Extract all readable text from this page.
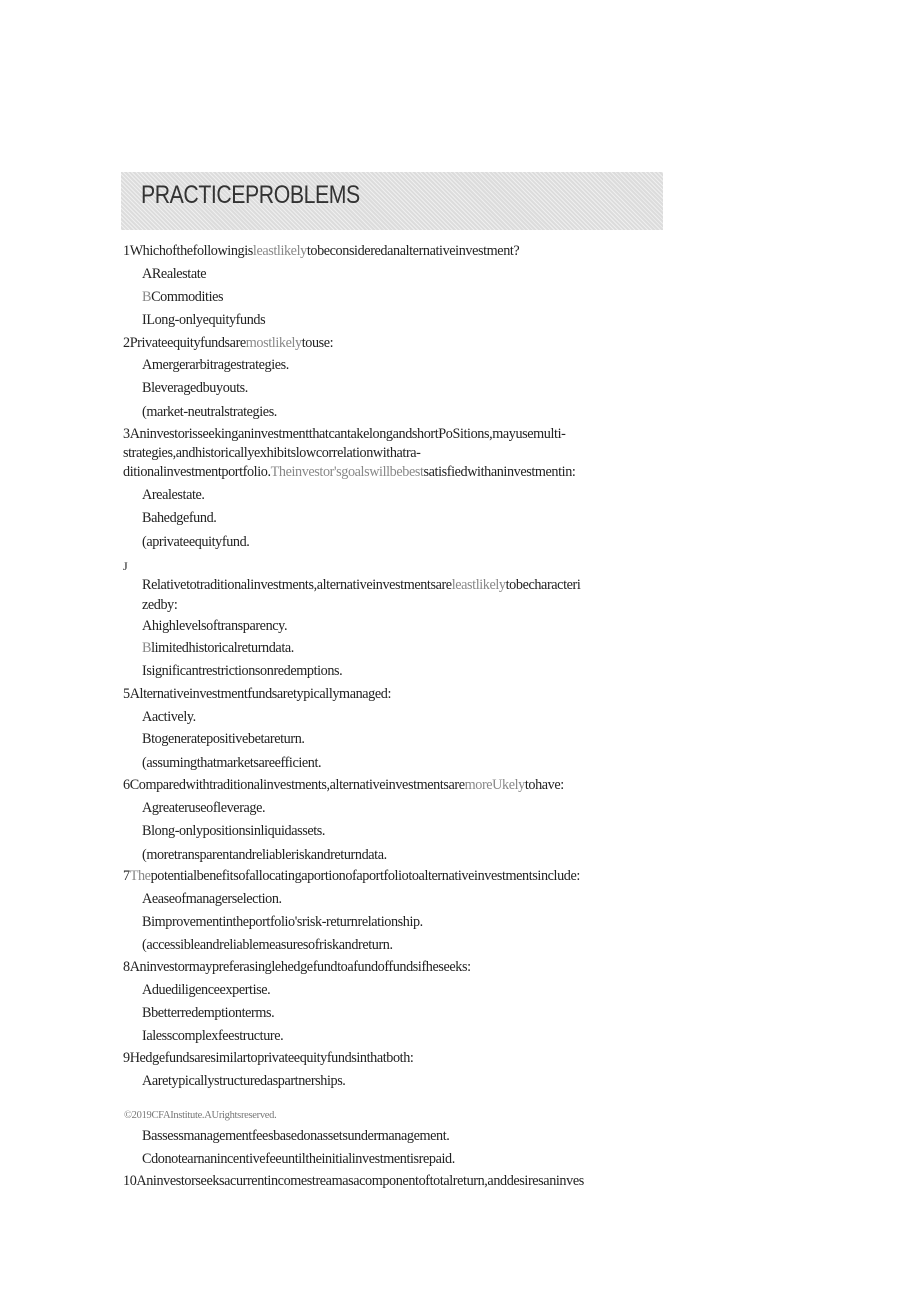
PRACTICEPROBLEMS
1Whichofthefollowingisleastlikelytobeconsideredanalternativeinvestment?
ARealestate
BCommodities
ILong-onlyequityfunds
2Privateequityfundsaremostlikelytouse:
Amergerarbitragestrategies.
Bleveragedbuyouts.
(market-neutralstrategies.
3AninvestorisseekinganinvestmentthatcantakelongandshortPoSitions,mayusemulti-
strategies,andhistoricallyexhibitslowcorrelationwithatra-
ditionalinvestmentportfolio.Theinvestor'sgoalswillbebestsatisfiedwithaninvestmentin:
Arealestate.
Bahedgefund.
(aprivateequityfund.
J
Relativetotraditionalinvestments,alternativeinvestmentsareleastlikelytobecharacteri
zedby:
Ahighlevelsoftransparency.
Blimitedhistoricalreturndata.
Isignificantrestrictionsonredemptions.
5Alternativeinvestmentfundsaretypicallymanaged:
Aactively.
Btogeneratepositivebetareturn.
(assumingthatmarketsareefficient.
6Comparedwithtraditionalinvestments,alternativeinvestmentsaremoreUkelytohave:
Agreateruseofleverage.
Blong-onlypositionsinliquidassets.
(moretransparentandreliableriskandreturndata.
7Thepotentialbenefitsofallocatingaportionofaportfoliotoalternativeinvestmentsinclude:
Aeaseofmanagerselection.
Bimprovementintheportfolio'srisk-returnrelationship.
(accessibleandreliablemeasuresofriskandreturn.
8Aninvestormaypreferasinglehedgefundtoafundoffundsifheseeks:
Aduediligenceexpertise.
Bbetterredemptionterms.
Ialesscomplexfeestructure.
9Hedgefundsaresimilartoprivateequityfundsinthatboth:
Aaretypicallystructuredaspartnerships.
©2019CFAInstitute.AUrightsreserved.
Bassessmanagementfeesbasedonassetsundermanagement.
Cdonotearnanincentivefeeuntiltheinitialinvestmentisrepaid.
10Aninvestorseeksacurrentincomestreamasacomponentoftotalreturn,anddesiresaninves
